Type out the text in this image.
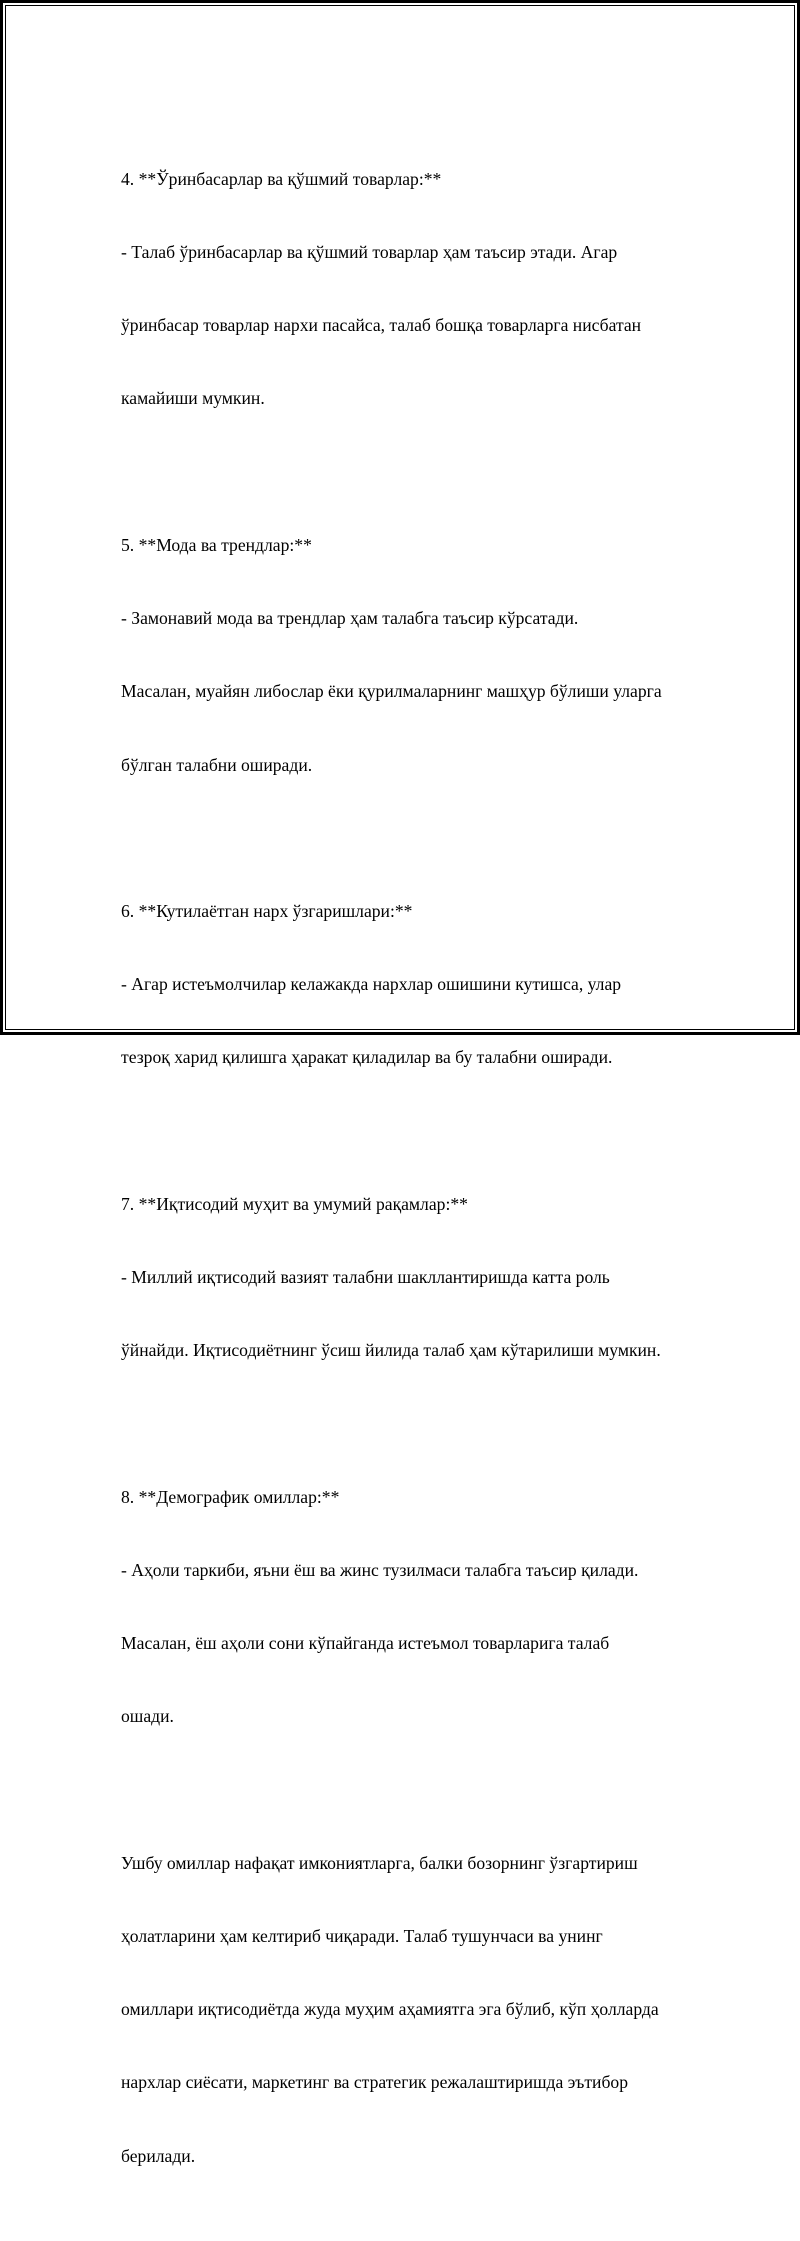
4. **Ўринбасарлар ва қўшмий товарлар:**

- Талаб ўринбасарлар ва қўшмий товарлар ҳам таъсир этади. Агар

ўринбасар товарлар нархи пасайса, талаб бошқа товарларга нисбатан

камайиши мумкин.

5. **Мода ва трендлар:**

- Замонавий мода ва трендлар ҳам талабга таъсир кўрсатади.

Масалан, муайян либослар ёки қурилмаларнинг машҳур бўлиши уларга

бўлган талабни оширади.

6. **Кутилаётган нарх ўзгаришлари:**

- Агар истеъмолчилар келажакда нархлар ошишини кутишса, улар

тезроқ харид қилишга ҳаракат қиладилар ва бу талабни оширади.

7. **Иқтисодий муҳит ва умумий рақамлар:**

- Миллий иқтисодий вазият талабни шакллантиришда катта роль

ўйнайди. Иқтисодиётнинг ўсиш йилида талаб ҳам кўтарилиши мумкин.

8. **Демографик омиллар:**

- Аҳоли таркиби, яъни ёш ва жинс тузилмаси талабга таъсир қилади.

Масалан, ёш аҳоли сони кўпайганда истеъмол товарларига талаб

ошади.

Ушбу омиллар нафақат имкониятларга, балки бозорнинг ўзгартириш

ҳолатларини ҳам келтириб чиқаради. Талаб тушунчаси ва унинг

омиллари иқтисодиётда жуда муҳим аҳамиятга эга бўлиб, кўп ҳолларда

нархлар сиёсати, маркетинг ва стратегик режалаштиришда эътибор

берилади.
